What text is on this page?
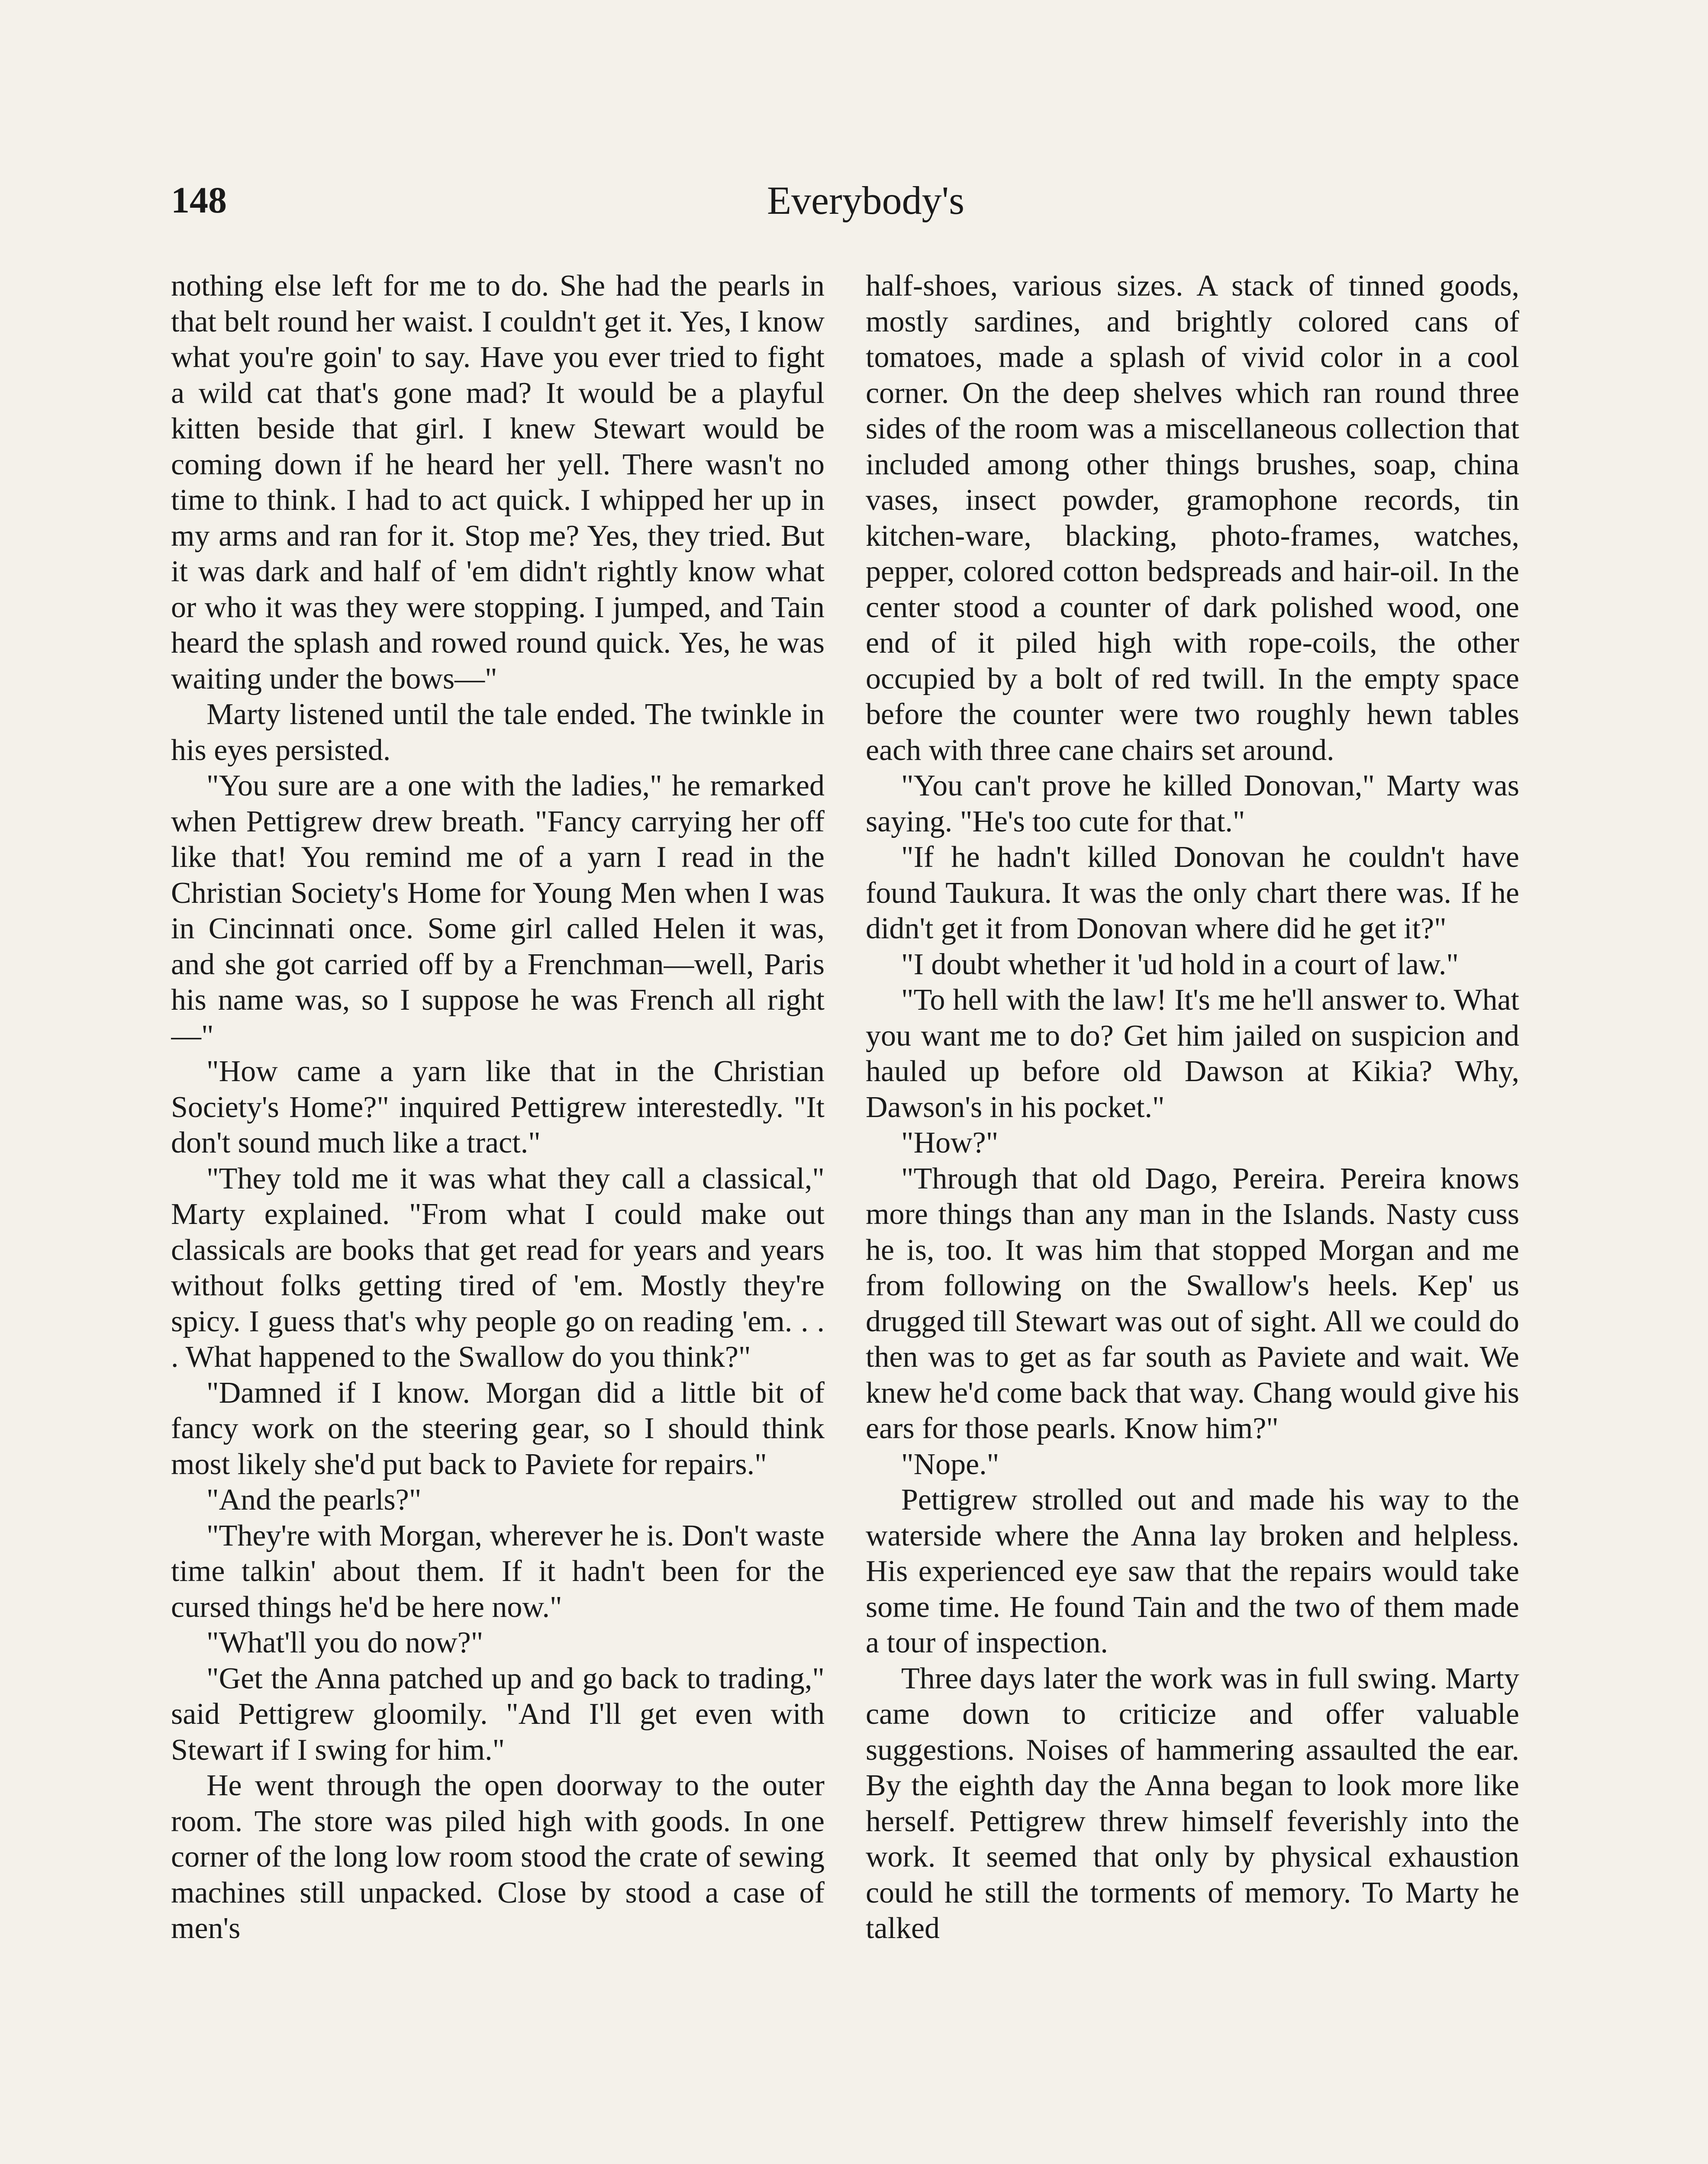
148	Everybody's

nothing else left for me to do. She had the pearls in that belt round her waist. I couldn't get it. Yes, I know what you're goin' to say. Have you ever tried to fight a wild cat that's gone mad? It would be a playful kitten beside that girl. I knew Stewart would be coming down if he heard her yell. There wasn't no time to think. I had to act quick. I whipped her up in my arms and ran for it. Stop me? Yes, they tried. But it was dark and half of 'em didn't rightly know what or who it was they were stopping. I jumped, and Tain heard the splash and rowed round quick. Yes, he was waiting under the bows—"

Marty listened until the tale ended. The twinkle in his eyes persisted.

"You sure are a one with the ladies," he remarked when Pettigrew drew breath. "Fancy carrying her off like that! You remind me of a yarn I read in the Christian Society's Home for Young Men when I was in Cincinnati once. Some girl called Helen it was, and she got carried off by a Frenchman—well, Paris his name was, so I suppose he was French all right—"

"How came a yarn like that in the Christian Society's Home?" inquired Pettigrew interestedly. "It don't sound much like a tract."

"They told me it was what they call a classical," Marty explained. "From what I could make out classicals are books that get read for years and years without folks getting tired of 'em. Mostly they're spicy. I guess that's why people go on reading 'em. . . . What happened to the Swallow do you think?"

"Damned if I know. Morgan did a little bit of fancy work on the steering gear, so I should think most likely she'd put back to Paviete for repairs."

"And the pearls?"

"They're with Morgan, wherever he is. Don't waste time talkin' about them. If it hadn't been for the cursed things he'd be here now."

"What'll you do now?"

"Get the Anna patched up and go back to trading," said Pettigrew gloomily. "And I'll get even with Stewart if I swing for him."

He went through the open doorway to the outer room. The store was piled high with goods. In one corner of the long low room stood the crate of sewing machines still unpacked. Close by stood a case of men's

half-shoes, various sizes. A stack of tinned goods, mostly sardines, and brightly colored cans of tomatoes, made a splash of vivid color in a cool corner. On the deep shelves which ran round three sides of the room was a miscellaneous collection that included among other things brushes, soap, china vases, insect powder, gramophone records, tin kitchen-ware, blacking, photo-frames, watches, pepper, colored cotton bedspreads and hair-oil. In the center stood a counter of dark polished wood, one end of it piled high with rope-coils, the other occupied by a bolt of red twill. In the empty space before the counter were two roughly hewn tables each with three cane chairs set around.

"You can't prove he killed Donovan," Marty was saying. "He's too cute for that."

"If he hadn't killed Donovan he couldn't have found Taukura. It was the only chart there was. If he didn't get it from Donovan where did he get it?"

"I doubt whether it 'ud hold in a court of law."

"To hell with the law! It's me he'll answer to. What you want me to do? Get him jailed on suspicion and hauled up before old Dawson at Kikia? Why, Dawson's in his pocket."

"How?"

"Through that old Dago, Pereira. Pereira knows more things than any man in the Islands. Nasty cuss he is, too. It was him that stopped Morgan and me from following on the Swallow's heels. Kep' us drugged till Stewart was out of sight. All we could do then was to get as far south as Paviete and wait. We knew he'd come back that way. Chang would give his ears for those pearls. Know him?"

"Nope."

Pettigrew strolled out and made his way to the waterside where the Anna lay broken and helpless. His experienced eye saw that the repairs would take some time. He found Tain and the two of them made a tour of inspection.

Three days later the work was in full swing. Marty came down to criticize and offer valuable suggestions. Noises of hammering assaulted the ear. By the eighth day the Anna began to look more like herself. Pettigrew threw himself feverishly into the work. It seemed that only by physical exhaustion could he still the torments of memory. To Marty he talked
